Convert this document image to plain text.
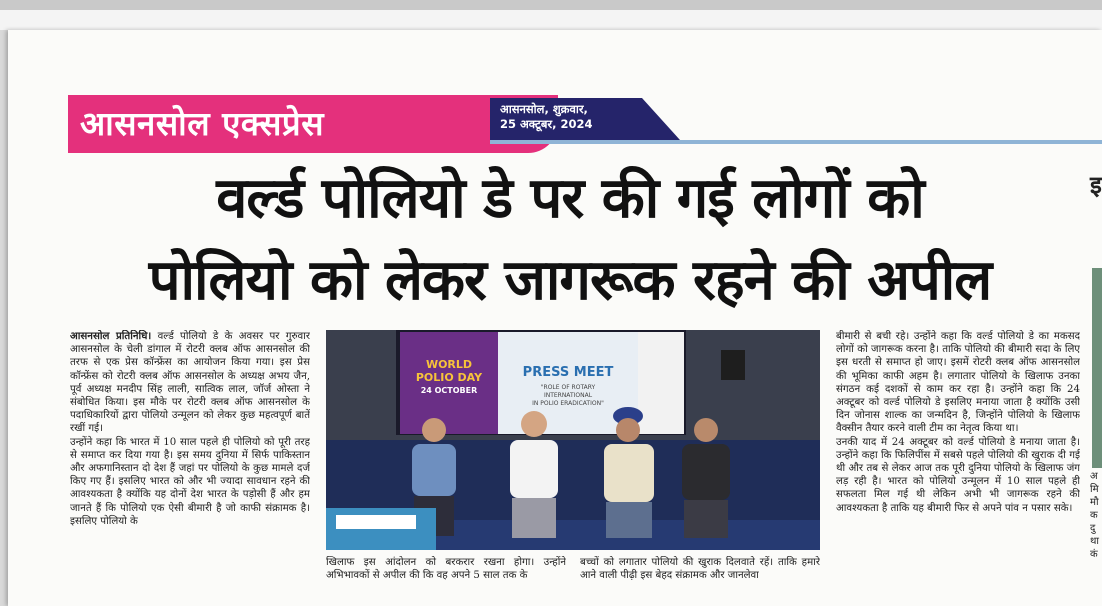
आसनसोल एक्सप्रेस	आसनसोल, शुक्रवार,
25 अक्टूबर, 2024
वर्ल्ड पोलियो डे पर की गई लोगों को
पोलियो को लेकर जागरूक रहने की अपील

आसनसोल प्रतिनिधि। वर्ल्ड पोलियो डे के अवसर पर गुरुवार आसनसोल के चेली डांगाल में रोटरी क्लब ऑफ आसनसोल की तरफ से एक प्रेस कॉन्फ्रेंस का आयोजन किया गया। इस प्रेस कॉन्फ्रेंस को रोटरी क्लब ऑफ आसनसोल के अध्यक्ष अभय जैन, पूर्व अध्यक्ष मनदीप सिंह लाली, सात्विक लाल, जॉर्ज ओस्ता ने संबोधित किया। इस मौके पर रोटरी क्लब ऑफ आसनसोल के पदाधिकारियों द्वारा पोलियो उन्मूलन को लेकर कुछ महत्वपूर्ण बातें रखीं गई।

उन्होंने कहा कि भारत में 10 साल पहले ही पोलियो को पूरी तरह से समाप्त कर दिया गया है। इस समय दुनिया में सिर्फ पाकिस्तान और अफगानिस्तान दो देश हैं जहां पर पोलियो के कुछ मामले दर्ज किए गए हैं। इसलिए भारत को और भी ज्यादा सावधान रहने की आवश्यकता है क्योंकि यह दोनों देश भारत के पड़ोसी हैं और हम जानते हैं कि पोलियो एक ऐसी बीमारी है जो काफी संक्रामक है। इसलिए पोलियो के

WORLD
POLIO DAY
24 OCTOBER
PRESS MEET
"ROLE OF ROTARY
INTERNATIONAL
IN POLIO ERADICATION"
खिलाफ इस आंदोलन को बरकरार रखना होगा। उन्होंने अभिभावकों से अपील की कि वह अपने 5 साल तक के
बच्चों को लगातार पोलियो की खुराक दिलवाते रहें। ताकि हमारे आने वाली पीढ़ी इस बेहद संक्रामक और जानलेवा

बीमारी से बची रहे। उन्होंने कहा कि वर्ल्ड पोलियो डे का मकसद लोगों को जागरूक करना है। ताकि पोलियो की बीमारी सदा के लिए इस धरती से समाप्त हो जाए। इसमें रोटरी क्लब ऑफ आसनसोल की भूमिका काफी अहम है। लगातार पोलियो के खिलाफ उनका संगठन कई दशकों से काम कर रहा है। उन्होंने कहा कि 24 अक्टूबर को वर्ल्ड पोलियो डे इसलिए मनाया जाता है क्योंकि उसी दिन जोनास शाल्क का जन्मदिन है, जिन्होंने पोलियो के खिलाफ वैक्सीन तैयार करने वाली टीम का नेतृत्व किया था।

उनकी याद में 24 अक्टूबर को वर्ल्ड पोलियो डे मनाया जाता है। उन्होंने कहा कि फिलिपींस में सबसे पहले पोलियो की खुराक दी गई थी और तब से लेकर आज तक पूरी दुनिया पोलियो के खिलाफ जंग लड़ रही है। भारत को पोलियो उन्मूलन में 10 साल पहले ही सफलता मिल गई थी लेकिन अभी भी जागरूक रहने की आवश्यकता है ताकि यह बीमारी फिर से अपने पांव न पसार सके।

इ
अ
मि
मौ
क
दु
था
कं
